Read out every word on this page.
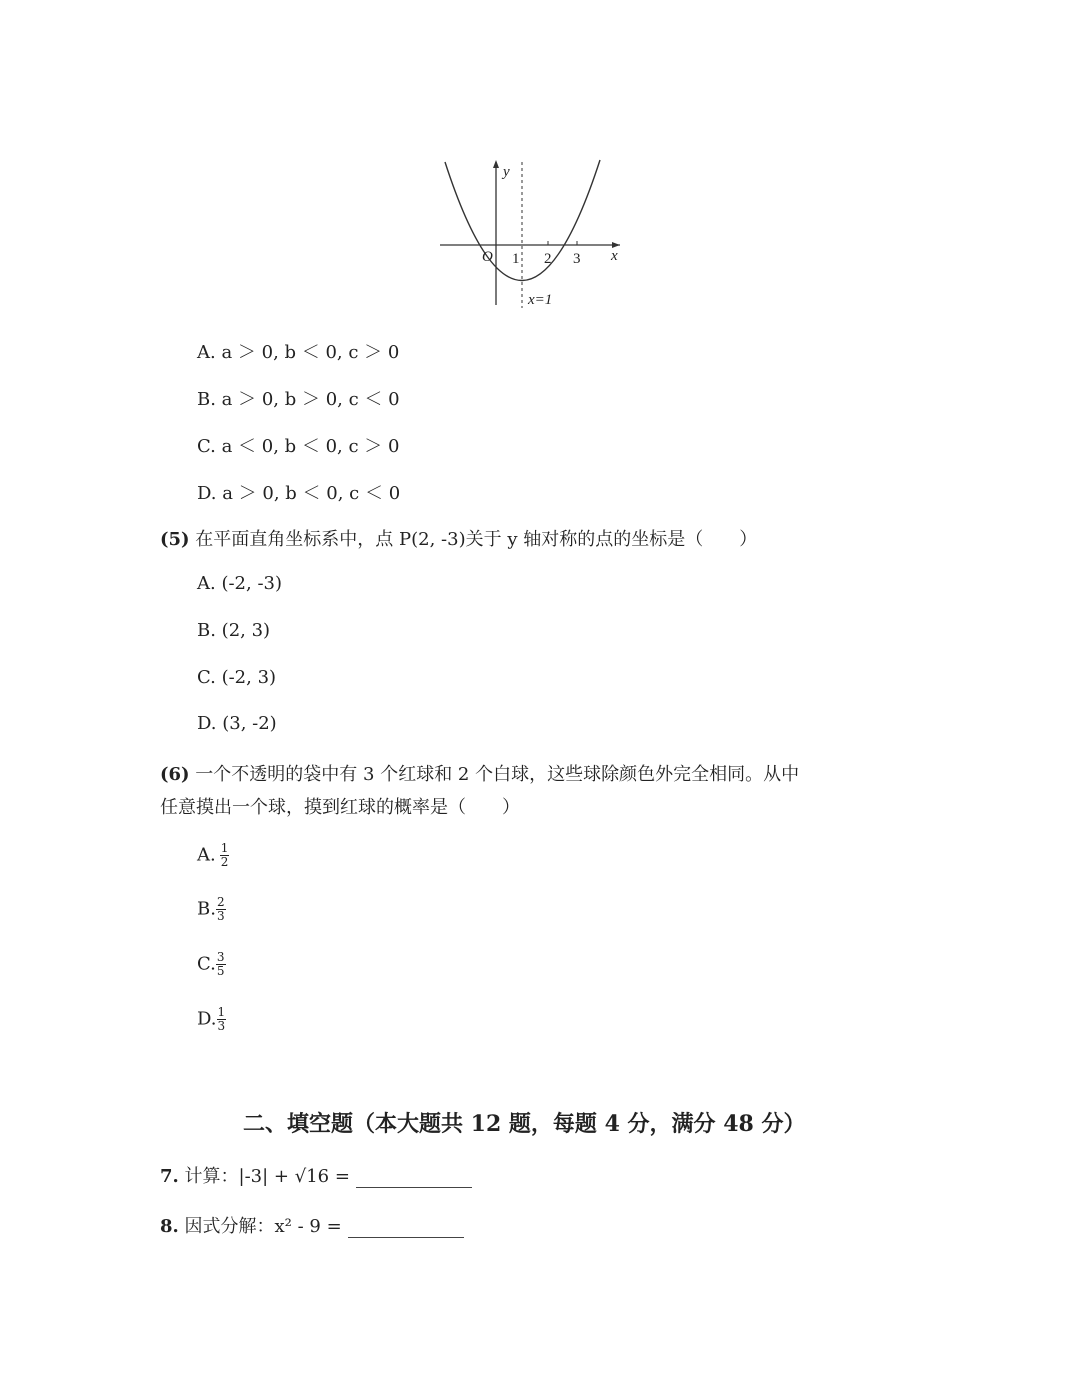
y
O 1 2 3 x
x=1
A. a ＞ 0, b ＜ 0, c ＞ 0
B. a ＞ 0, b ＞ 0, c ＜ 0
C. a ＜ 0, b ＜ 0, c ＞ 0
D. a ＞ 0, b ＜ 0, c ＜ 0
(5) 在平面直角坐标系中，点 P(2, -3)关于 y 轴对称的点的坐标是（　　）
A. (-2, -3)
B. (2, 3)
C. (-2, 3)
D. (3, -2)
(6) 一个不透明的袋中有 3 个红球和 2 个白球，这些球除颜色外完全相同。从中
任意摸出一个球，摸到红球的概率是（　　）
A. $\frac{1}{2}$
B. $\frac{2}{3}$
C. $\frac{3}{5}$
D. $\frac{1}{3}$
二、填空题（本大题共 12 题，每题 4 分，满分 48 分）
7. 计算：|-3| + √16 =
8. 因式分解：x² - 9 =
